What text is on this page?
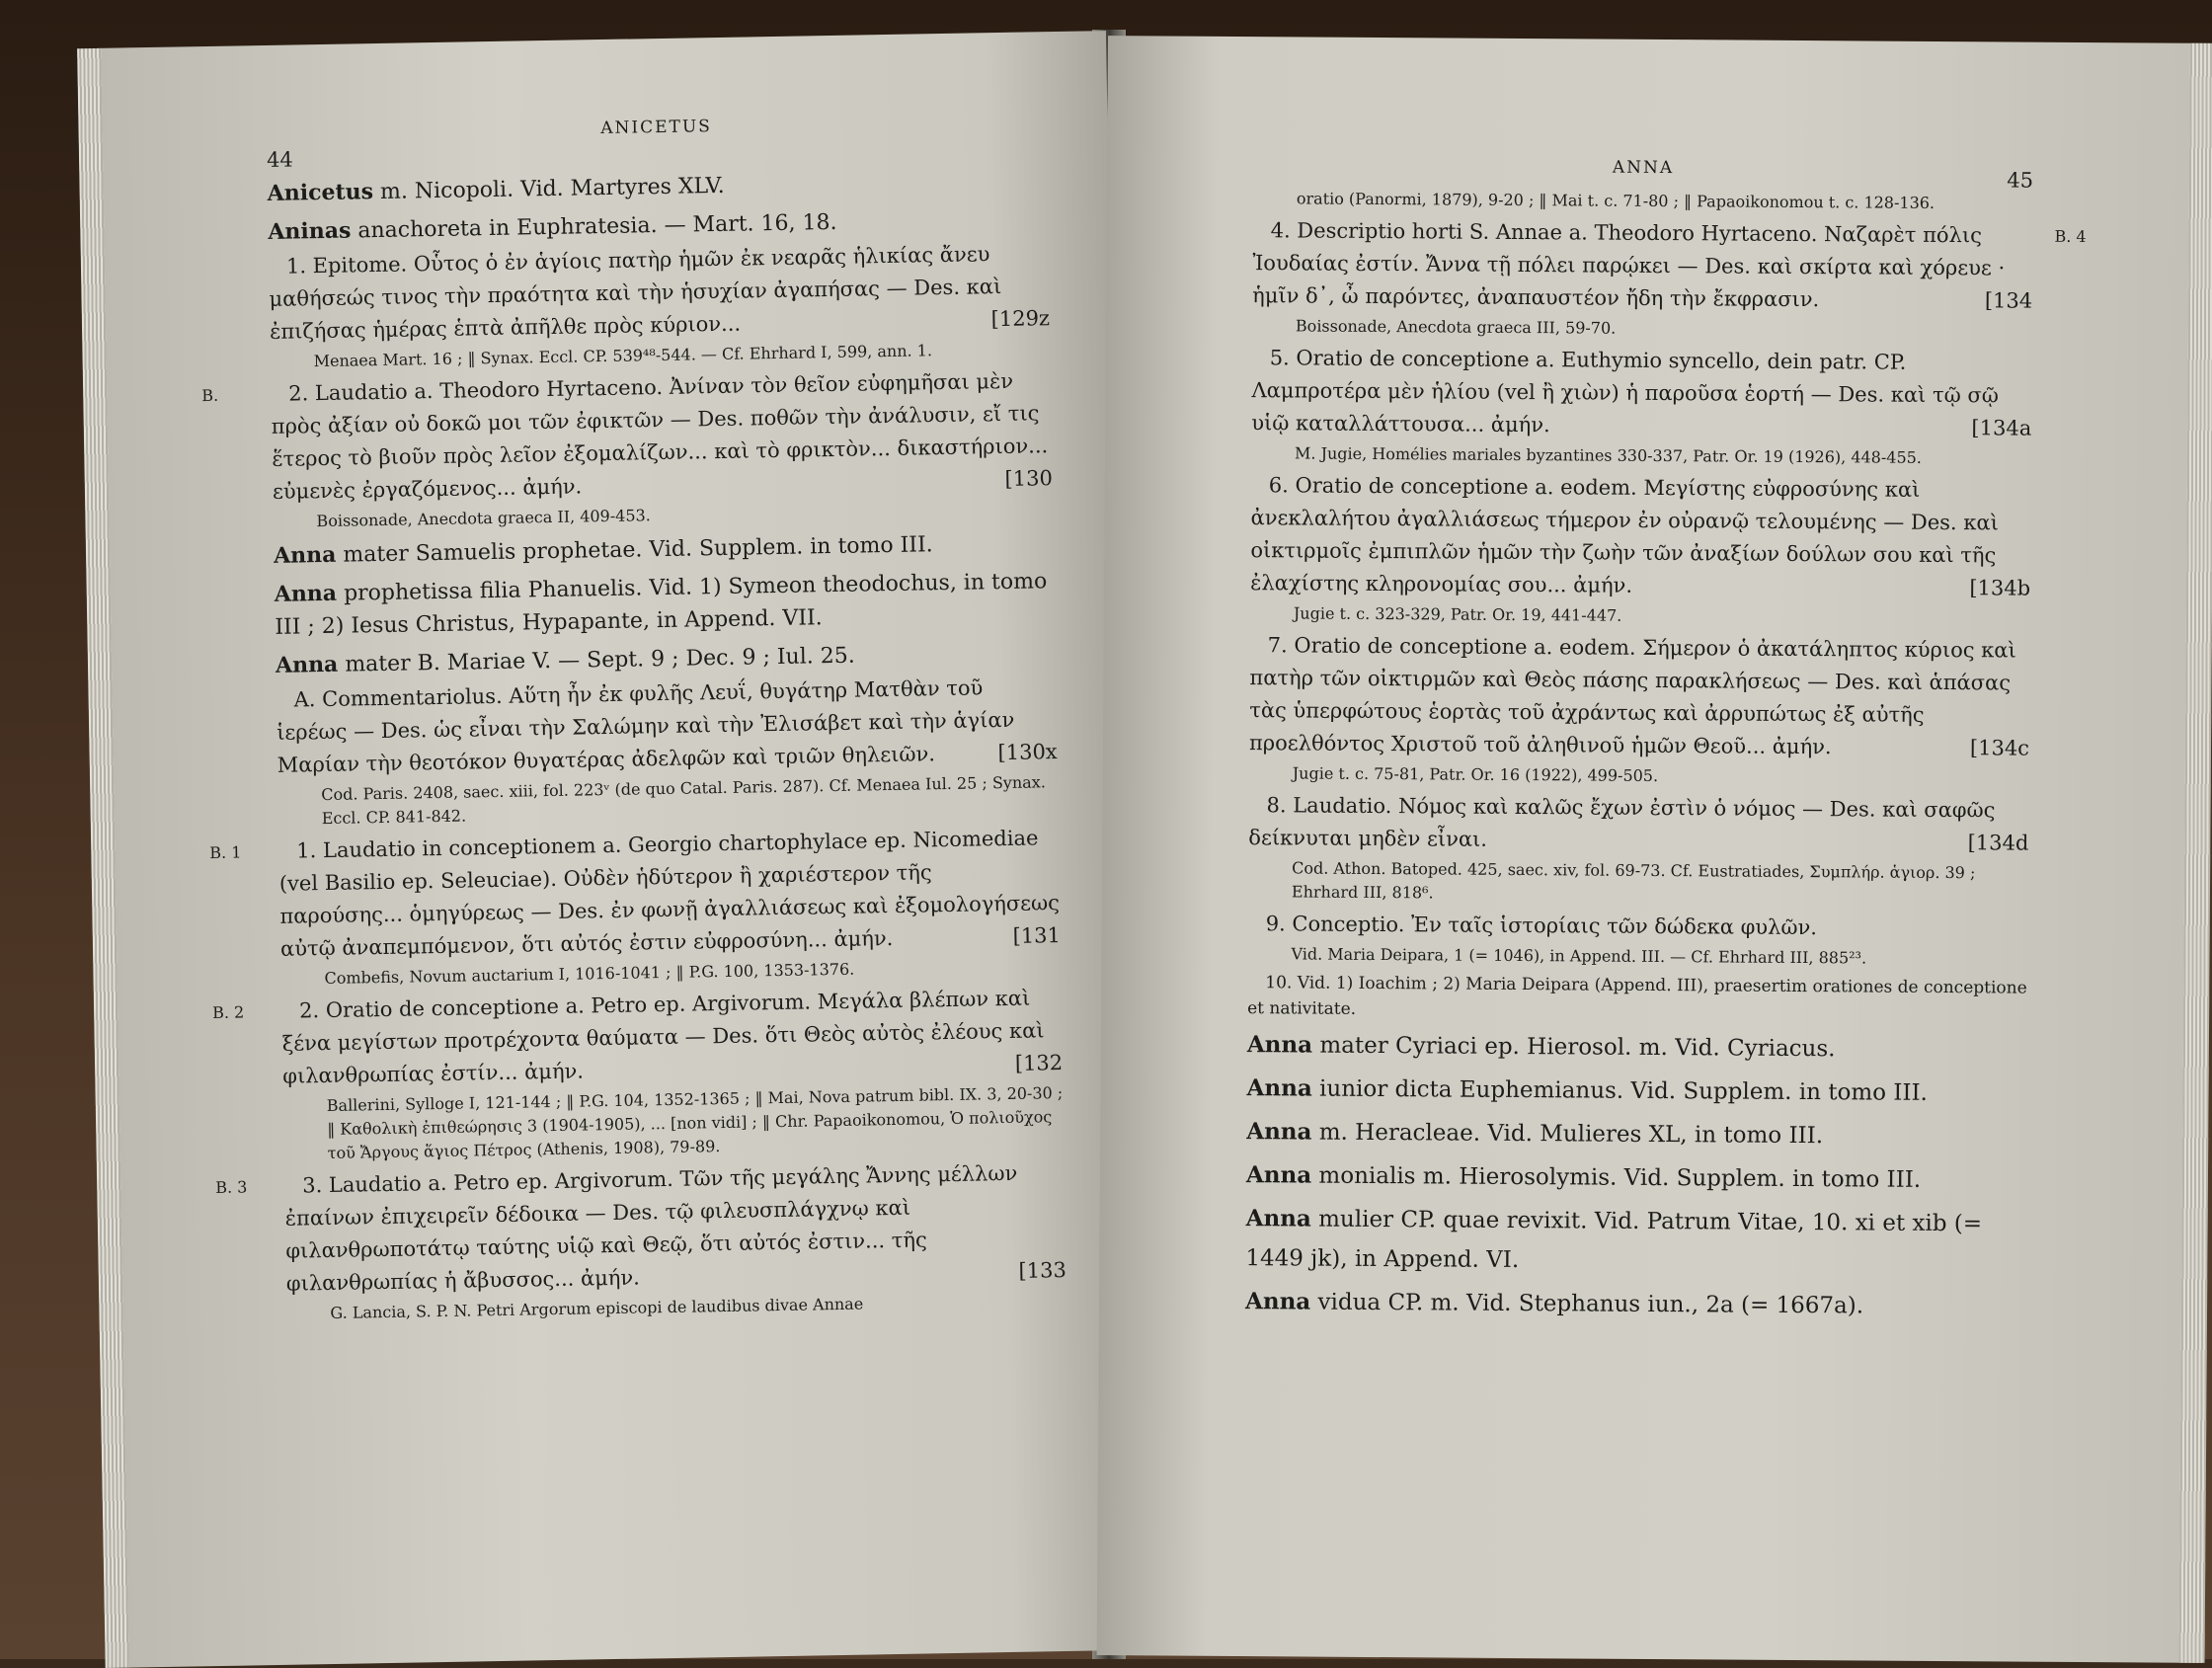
ANICETUS
44
Anicetus m. Nicopoli. Vid. Martyres XLV.
Aninas anachoreta in Euphratesia. — Mart. 16, 18.
1. Epitome. Οὗτος ὁ ἐν ἁγίοις πατὴρ ἡμῶν ἐκ νεαρᾶς ἡλικίας ἄνευ μαθήσεώς τινος τὴν πραότητα καὶ τὴν ἡσυχίαν ἀγαπήσας — Des. καὶ ἐπιζήσας ἡμέρας ἑπτὰ ἀπῆλθε πρὸς κύριον...	[129z
Menaea Mart. 16 ; ‖ Synax. Eccl. CP. 539⁴⁸-544. — Cf. Ehrhard I, 599, ann. 1.
B.	2. Laudatio a. Theodoro Hyrtaceno. Ἀνίναν τὸν θεῖον εὐφημῆσαι μὲν πρὸς ἀξίαν οὐ δοκῶ μοι τῶν ἐφικτῶν — Des. ποθῶν τὴν ἀνάλυσιν, εἴ τις ἕτερος τὸ βιοῦν πρὸς λεῖον ἐξομαλίζων... καὶ τὸ φρικτὸν... δικαστήριον... εὐμενὲς ἐργαζόμενος... ἀμήν.	[130
Boissonade, Anecdota graeca II, 409-453.
Anna mater Samuelis prophetae. Vid. Supplem. in tomo III.
Anna prophetissa filia Phanuelis. Vid. 1) Symeon theodochus, in tomo III ; 2) Iesus Christus, Hypapante, in Append. VII.
Anna mater B. Mariae V. — Sept. 9 ; Dec. 9 ; Iul. 25.
A. Commentariolus. Αὕτη ἦν ἐκ φυλῆς Λευΐ, θυγάτηρ Ματθὰν τοῦ ἱερέως — Des. ὡς εἶναι τὴν Σαλώμην καὶ τὴν Ἐλισάβετ καὶ τὴν ἁγίαν Μαρίαν τὴν θεοτόκον θυγατέρας ἀδελφῶν καὶ τριῶν θηλειῶν.	[130x
Cod. Paris. 2408, saec. xiii, fol. 223ᵛ (de quo Catal. Paris. 287). Cf. Menaea Iul. 25 ; Synax. Eccl. CP. 841-842.
B. 1	1. Laudatio in conceptionem a. Georgio chartophylace ep. Nicomediae (vel Basilio ep. Seleuciae). Οὐδὲν ἡδύτερον ἢ χαριέστερον τῆς παρούσης... ὁμηγύρεως — Des. ἐν φωνῇ ἀγαλλιάσεως καὶ ἐξομολογήσεως αὐτῷ ἀναπεμπόμενον, ὅτι αὐτός ἐστιν εὐφροσύνη... ἀμήν.	[131
Combefis, Novum auctarium I, 1016-1041 ; ‖ P.G. 100, 1353-1376.
B. 2	2. Oratio de conceptione a. Petro ep. Argivorum. Μεγάλα βλέπων καὶ ξένα μεγίστων προτρέχοντα θαύματα — Des. ὅτι Θεὸς αὐτὸς ἐλέους καὶ φιλανθρωπίας ἐστίν... ἀμήν.	[132
Ballerini, Sylloge I, 121-144 ; ‖ P.G. 104, 1352-1365 ; ‖ Mai, Nova patrum bibl. IX. 3, 20-30 ; ‖ Καθολικὴ ἐπιθεώρησις 3 (1904-1905), ... [non vidi] ; ‖ Chr. Papaoikonomou, Ὁ πολιοῦχος τοῦ Ἄργους ἅγιος Πέτρος (Athenis, 1908), 79-89.
B. 3	3. Laudatio a. Petro ep. Argivorum. Τῶν τῆς μεγάλης Ἄννης μέλλων ἐπαίνων ἐπιχειρεῖν δέδοικα — Des. τῷ φιλευσπλάγχνῳ καὶ φιλανθρωποτάτῳ ταύτης υἱῷ καὶ Θεῷ, ὅτι αὐτός ἐστιν... τῆς φιλανθρωπίας ἡ ἄβυσσος... ἀμήν.	[133
G. Lancia, S. P. N. Petri Argorum episcopi de laudibus divae Annae
ANNA
45
oratio (Panormi, 1879), 9-20 ; ‖ Mai t. c. 71-80 ; ‖ Papaoikonomou t. c. 128-136.
B. 4
4. Descriptio horti S. Annae a. Theodoro Hyrtaceno. Ναζαρὲτ πόλις Ἰουδαίας ἐστίν. Ἄννα τῇ πόλει παρῴκει — Des. καὶ σκίρτα καὶ χόρευε · ἡμῖν δ᾽, ὦ παρόντες, ἀναπαυστέον ἤδη τὴν ἔκφρασιν.	[134
Boissonade, Anecdota graeca III, 59-70.
5. Oratio de conceptione a. Euthymio syncello, dein patr. CP. Λαμπροτέρα μὲν ἡλίου (vel ἢ χιὼν) ἡ παροῦσα ἑορτή — Des. καὶ τῷ σῷ υἱῷ καταλλάττουσα... ἀμήν.	[134a
M. Jugie, Homélies mariales byzantines 330-337, Patr. Or. 19 (1926), 448-455.
6. Oratio de conceptione a. eodem. Μεγίστης εὐφροσύνης καὶ ἀνεκλαλήτου ἀγαλλιάσεως τήμερον ἐν οὐρανῷ τελουμένης — Des. καὶ οἰκτιρμοῖς ἐμπιπλῶν ἡμῶν τὴν ζωὴν τῶν ἀναξίων δούλων σου καὶ τῆς ἐλαχίστης κληρονομίας σου... ἀμήν.	[134b
Jugie t. c. 323-329, Patr. Or. 19, 441-447.
7. Oratio de conceptione a. eodem. Σήμερον ὁ ἀκατάληπτος κύριος καὶ πατὴρ τῶν οἰκτιρμῶν καὶ Θεὸς πάσης παρακλήσεως — Des. καὶ ἁπάσας τὰς ὑπερφώτους ἑορτὰς τοῦ ἀχράντως καὶ ἀρρυπώτως ἐξ αὐτῆς προελθόντος Χριστοῦ τοῦ ἀληθινοῦ ἡμῶν Θεοῦ... ἀμήν.	[134c
Jugie t. c. 75-81, Patr. Or. 16 (1922), 499-505.
8. Laudatio. Νόμος καὶ καλῶς ἔχων ἐστὶν ὁ νόμος — Des. καὶ σαφῶς δείκνυται μηδὲν εἶναι.	[134d
Cod. Athon. Batoped. 425, saec. xiv, fol. 69-73. Cf. Eustratiades, Συμπλήρ. ἁγιορ. 39 ; Ehrhard III, 818⁶.
9. Conceptio. Ἐν ταῖς ἱστορίαις τῶν δώδεκα φυλῶν.
Vid. Maria Deipara, 1 (= 1046), in Append. III. — Cf. Ehrhard III, 885²³.
10. Vid. 1) Ioachim ; 2) Maria Deipara (Append. III), praesertim orationes de conceptione et nativitate.
Anna mater Cyriaci ep. Hierosol. m. Vid. Cyriacus.
Anna iunior dicta Euphemianus. Vid. Supplem. in tomo III.
Anna m. Heracleae. Vid. Mulieres XL, in tomo III.
Anna monialis m. Hierosolymis. Vid. Supplem. in tomo III.
Anna mulier CP. quae revixit. Vid. Patrum Vitae, 10. xi et xib (= 1449 jk), in Append. VI.
Anna vidua CP. m. Vid. Stephanus iun., 2a (= 1667a).
